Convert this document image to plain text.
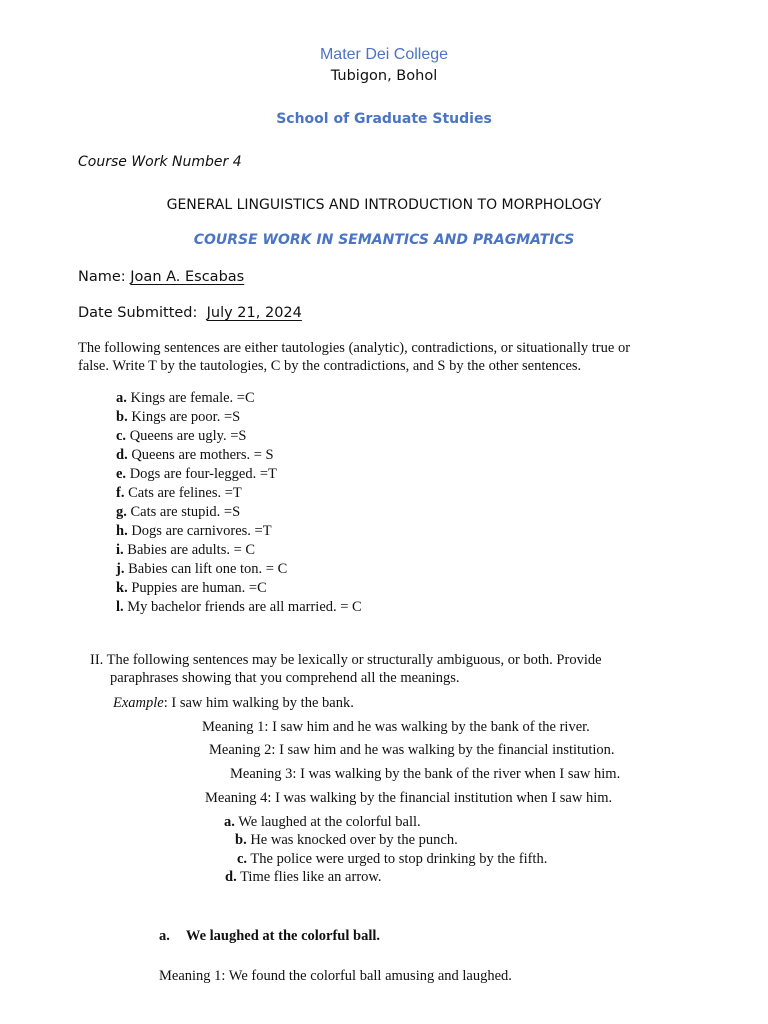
Mater Dei College
Tubigon, Bohol
School of Graduate Studies
Course Work Number 4
GENERAL LINGUISTICS AND INTRODUCTION TO MORPHOLOGY
COURSE WORK IN SEMANTICS AND PRAGMATICS
Name: Joan A. Escabas
Date Submitted:  July 21, 2024
The following sentences are either tautologies (analytic), contradictions, or situationally true or
false. Write T by the tautologies, C by the contradictions, and S by the other sentences.
a. Kings are female. =C
b. Kings are poor. =S
c. Queens are ugly. =S
d. Queens are mothers. = S
e. Dogs are four-legged. =T
f. Cats are felines. =T
g. Cats are stupid. =S
h. Dogs are carnivores. =T
i. Babies are adults. = C
j. Babies can lift one ton. = C
k. Puppies are human. =C
l. My bachelor friends are all married. = C
II. The following sentences may be lexically or structurally ambiguous, or both. Provide
paraphrases showing that you comprehend all the meanings.
Example: I saw him walking by the bank.
Meaning 1: I saw him and he was walking by the bank of the river.
Meaning 2: I saw him and he was walking by the financial institution.
Meaning 3: I was walking by the bank of the river when I saw him.
Meaning 4: I was walking by the financial institution when I saw him.
a. We laughed at the colorful ball.
b. He was knocked over by the punch.
c. The police were urged to stop drinking by the fifth.
d. Time flies like an arrow.
a. We laughed at the colorful ball.
Meaning 1: We found the colorful ball amusing and laughed.
